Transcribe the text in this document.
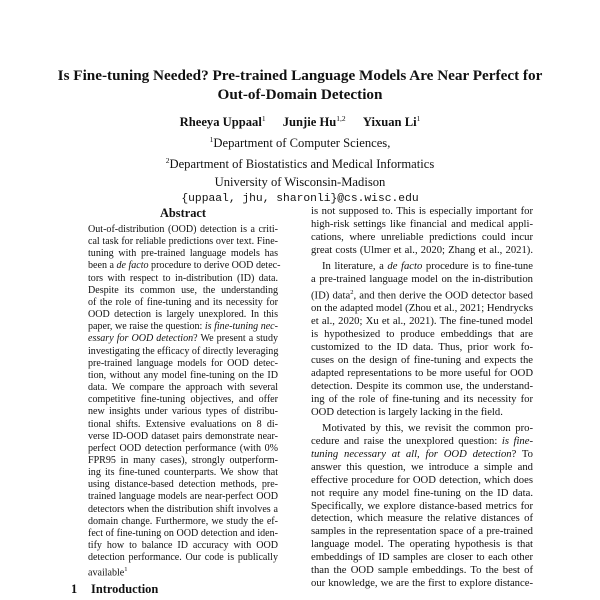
Is Fine-tuning Needed? Pre-trained Language Models Are Near Perfect for
Out-of-Domain Detection
Rheeya Uppaal$^1$ Junjie Hu$^{1,2}$ Yixuan Li$^1$
$^1$Department of Computer Sciences,
$^2$Department of Biostatistics and Medical Informatics
University of Wisconsin-Madison
{uppaal, jhu, sharonli}@cs.wisc.edu
Abstract
Out-of-distribution (OOD) detection is a criti-
cal task for reliable predictions over text. Fine-
tuning with pre-trained language models has
been a de facto procedure to derive OOD detec-
tors with respect to in-distribution (ID) data.
Despite its common use, the understanding
of the role of fine-tuning and its necessity for
OOD detection is largely unexplored. In this
paper, we raise the question: is fine-tuning nec-
essary for OOD detection? We present a study
investigating the efficacy of directly leveraging
pre-trained language models for OOD detec-
tion, without any model fine-tuning on the ID
data. We compare the approach with several
competitive fine-tuning objectives, and offer
new insights under various types of distribu-
tional shifts. Extensive evaluations on 8 di-
verse ID-OOD dataset pairs demonstrate near-
perfect OOD detection performance (with 0%
FPR95 in many cases), strongly outperform-
ing its fine-tuned counterparts. We show that
using distance-based detection methods, pre-
trained language models are near-perfect OOD
detectors when the distribution shift involves a
domain change. Furthermore, we study the ef-
fect of fine-tuning on OOD detection and iden-
tify how to balance ID accuracy with OOD
detection performance. Our code is publically
available$^1$
1 Introduction
is not supposed to. This is especially important for
high-risk settings like financial and medical appli-
cations, where unreliable predictions could incur
great costs (Ulmer et al., 2020; Zhang et al., 2021).
In literature, a de facto procedure is to fine-tune
a pre-trained language model on the in-distribution
(ID) data$^2$, and then derive the OOD detector based
on the adapted model (Zhou et al., 2021; Hendrycks
et al., 2020; Xu et al., 2021). The fine-tuned model
is hypothesized to produce embeddings that are
customized to the ID data. Thus, prior work fo-
cuses on the design of fine-tuning and expects the
adapted representations to be more useful for OOD
detection. Despite its common use, the understand-
ing of the role of fine-tuning and its necessity for
OOD detection is largely lacking in the field.
Motivated by this, we revisit the common pro-
cedure and raise the unexplored question: is fine-
tuning necessary at all, for OOD detection? To
answer this question, we introduce a simple and
effective procedure for OOD detection, which does
not require any model fine-tuning on the ID data.
Specifically, we explore distance-based metrics for
detection, which measure the relative distances of
samples in the representation space of a pre-trained
language model. The operating hypothesis is that
embeddings of ID samples are closer to each other
than the OOD sample embeddings. To the best of
our knowledge, we are the first to explore distance-
